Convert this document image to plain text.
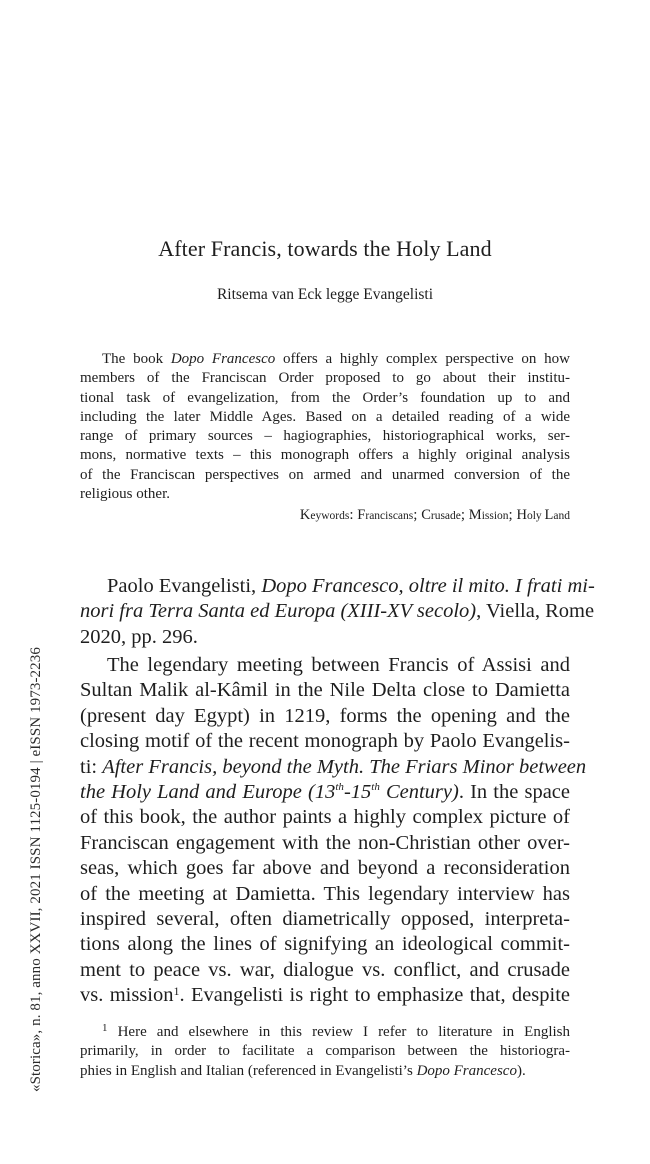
«Storica», n. 81, anno XXVII, 2021 ISSN 1125-0194 | eISSN 1973-2236
After Francis, towards the Holy Land
Ritsema van Eck legge Evangelisti
The book Dopo Francesco offers a highly complex perspective on how
members of the Franciscan Order proposed to go about their institu-
tional task of evangelization, from the Order’s foundation up to and
including the later Middle Ages. Based on a detailed reading of a wide
range of primary sources – hagiographies, historiographical works, ser-
mons, normative texts – this monograph offers a highly original analysis
of the Franciscan perspectives on armed and unarmed conversion of the
religious other.
Keywords: Franciscans; Crusade; Mission; Holy Land
Paolo Evangelisti, Dopo Francesco, oltre il mito. I frati mi-
nori fra Terra Santa ed Europa (XIII-XV secolo), Viella, Rome
2020, pp. 296.
The legendary meeting between Francis of Assisi and
Sultan Malik al-Kâmil in the Nile Delta close to Damietta
(present day Egypt) in 1219, forms the opening and the
closing motif of the recent monograph by Paolo Evangelis-
ti: After Francis, beyond the Myth. The Friars Minor between
the Holy Land and Europe (13th-15th Century). In the space
of this book, the author paints a highly complex picture of
Franciscan engagement with the non-Christian other over-
seas, which goes far above and beyond a reconsideration
of the meeting at Damietta. This legendary interview has
inspired several, often diametrically opposed, interpreta-
tions along the lines of signifying an ideological commit-
ment to peace vs. war, dialogue vs. conflict, and crusade
vs. mission$^1$. Evangelisti is right to emphasize that, despite
$^1$ Here and elsewhere in this review I refer to literature in English
primarily, in order to facilitate a comparison between the historiogra-
phies in English and Italian (referenced in Evangelisti’s Dopo Francesco).
